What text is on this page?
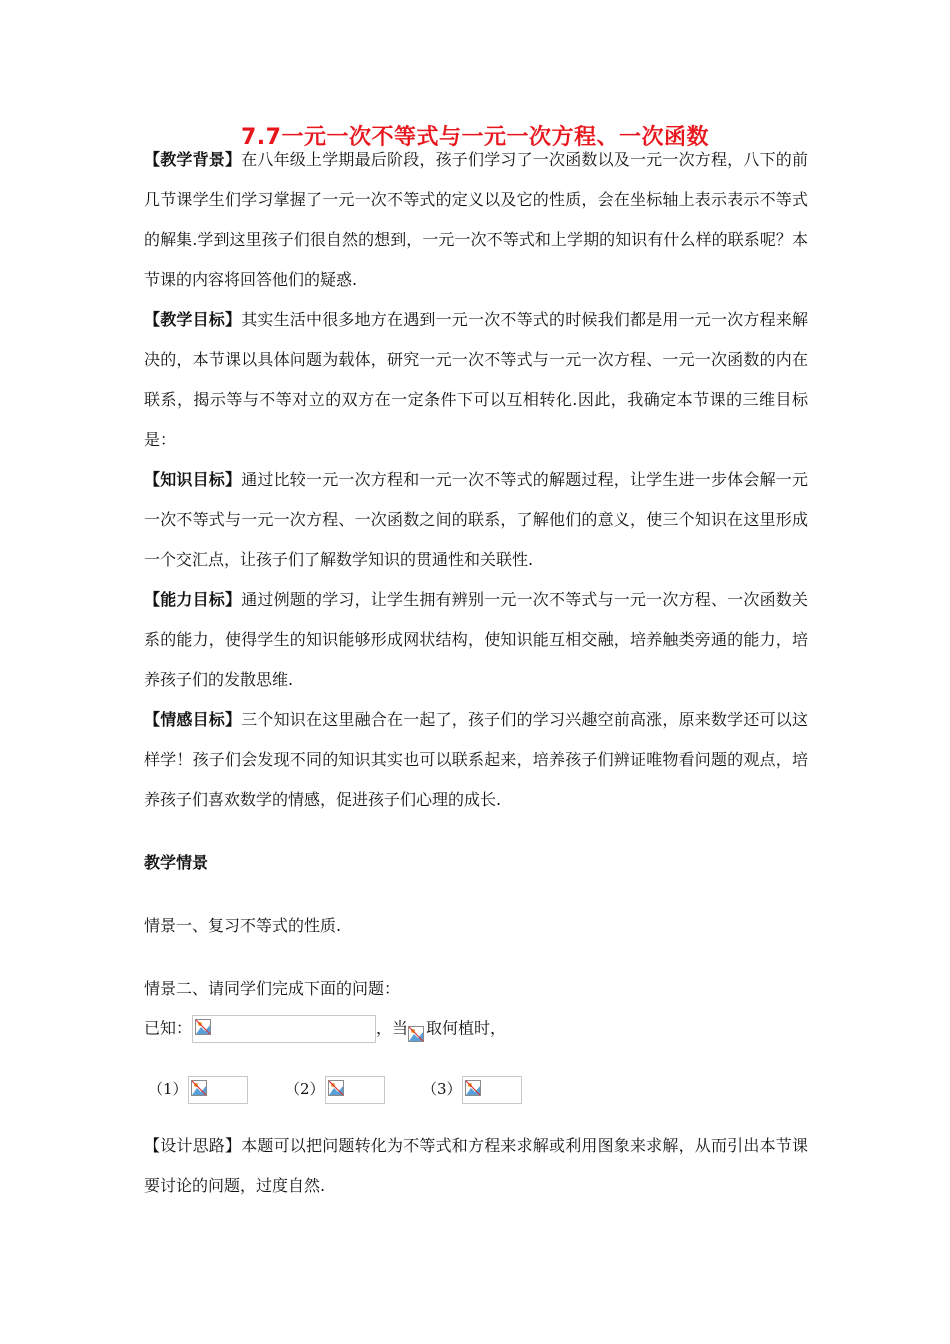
7.7一元一次不等式与一元一次方程、一次函数

【教学背景】在八年级上学期最后阶段，孩子们学习了一次函数以及一元一次方程，八下的前几节课学生们学习掌握了一元一次不等式的定义以及它的性质，会在坐标轴上表示表示不等式的解集.学到这里孩子们很自然的想到，一元一次不等式和上学期的知识有什么样的联系呢？本节课的内容将回答他们的疑惑.

【教学目标】其实生活中很多地方在遇到一元一次不等式的时候我们都是用一元一次方程来解决的，本节课以具体问题为载体，研究一元一次不等式与一元一次方程、一元一次函数的内在联系，揭示等与不等对立的双方在一定条件下可以互相转化.因此，我确定本节课的三维目标是：

【知识目标】通过比较一元一次方程和一元一次不等式的解题过程，让学生进一步体会解一元一次不等式与一元一次方程、一次函数之间的联系，了解他们的意义，使三个知识在这里形成一个交汇点，让孩子们了解数学知识的贯通性和关联性.

【能力目标】通过例题的学习，让学生拥有辨别一元一次不等式与一元一次方程、一次函数关系的能力，使得学生的知识能够形成网状结构，使知识能互相交融，培养触类旁通的能力，培养孩子们的发散思维.

【情感目标】三个知识在这里融合在一起了，孩子们的学习兴趣空前高涨，原来数学还可以这样学！孩子们会发现不同的知识其实也可以联系起来，培养孩子们辨证唯物看问题的观点，培养孩子们喜欢数学的情感，促进孩子们心理的成长.

教学情景
情景一、复习不等式的性质.
情景二、请同学们完成下面的问题：
已知：	，当 取何植时，
（1）	（2）	（3）

【设计思路】本题可以把问题转化为不等式和方程来求解或利用图象来求解，从而引出本节课要讨论的问题，过度自然.
